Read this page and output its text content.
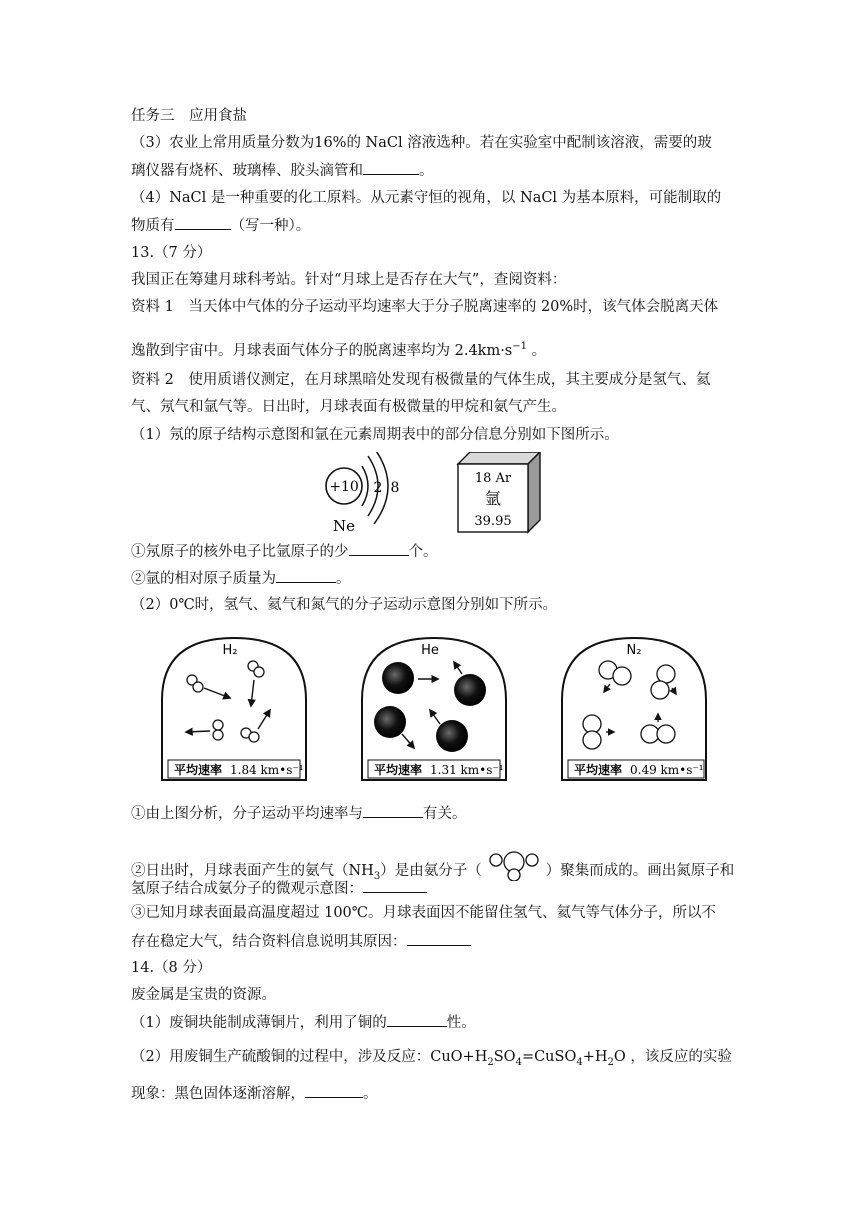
任务三　应用食盐
（3）农业上常用质量分数为16%的 NaCl 溶液选种。若在实验室中配制该溶液，需要的玻
璃仪器有烧杯、玻璃棒、胶头滴管和	。
（4）NaCl 是一种重要的化工原料。从元素守恒的视角，以 NaCl 为基本原料，可能制取的
物质有	（写一种）。
13.（7 分）
我国正在筹建月球科考站。针对“月球上是否存在大气”，查阅资料：
资料 1　当天体中气体的分子运动平均速率大于分子脱离速率的 20%时，该气体会脱离天体
逸散到宇宙中。月球表面气体分子的脱离速率均为 $2.4km\cdot s^{-1}$ 。
资料 2　使用质谱仪测定，在月球黑暗处发现有极微量的气体生成，其主要成分是氢气、氦
气、氖气和氩气等。日出时，月球表面有极微量的甲烷和氨气产生。
（1）氖的原子结构示意图和氩在元素周期表中的部分信息分别如下图所示。
+10 2 8
Ne
18 Ar
氩
39.95
①氖原子的核外电子比氩原子的少	个。
②氩的相对原子质量为	。
（2）0℃时，氢气、氦气和氮气的分子运动示意图分别如下所示。
H₂
平均速率 1.84 km•s⁻¹
He
平均速率 1.31 km•s⁻¹
N₂
平均速率 0.49 km•s⁻¹
①由上图分析，分子运动平均速率与	有关。
②日出时，月球表面产生的氨气$(NH_3)$是由氨分子（	）聚集而成的。画出氮原子和
氢原子结合成氨分子的微观示意图：
③已知月球表面最高温度超过 100℃。月球表面因不能留住氢气、氦气等气体分子，所以不
存在稳定大气，结合资料信息说明其原因：
14.（8 分）
废金属是宝贵的资源。
（1）废铜块能制成薄铜片，利用了铜的	性。
（2）用废铜生产硫酸铜的过程中，涉及反应：$CuO+H_2SO_4=CuSO_4+H_2O$ ，该反应的实验
现象：黑色固体逐渐溶解，	。
